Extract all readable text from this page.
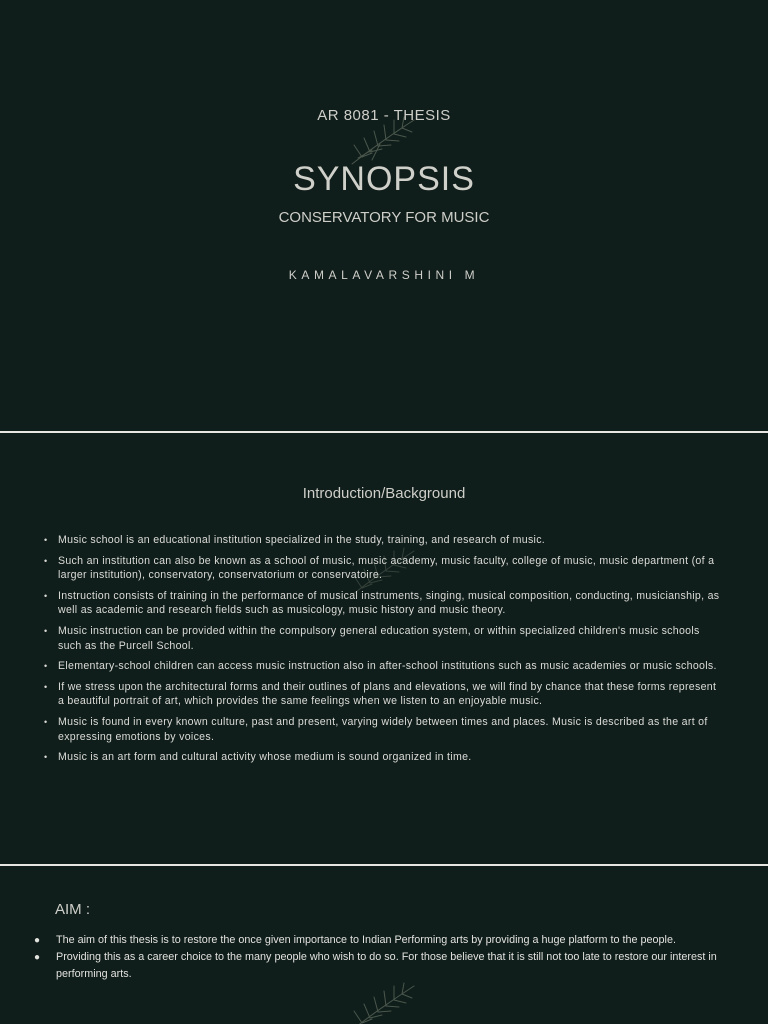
AR 8081 - THESIS
SYNOPSIS
CONSERVATORY FOR MUSIC
KAMALAVARSHINI M
Introduction/Background
• Music school is an educational institution specialized in the study, training, and research of music.
• Such an institution can also be known as a school of music, music academy, music faculty, college of music, music department (of a larger institution), conservatory, conservatorium or conservatoire.
• Instruction consists of training in the performance of musical instruments, singing, musical composition, conducting, musicianship, as well as academic and research fields such as musicology, music history and music theory.
• Music instruction can be provided within the compulsory general education system, or within specialized children's music schools such as the Purcell School.
• Elementary-school children can access music instruction also in after-school institutions such as music academies or music schools.
• If we stress upon the architectural forms and their outlines of plans and elevations, we will find by chance that these forms represent a beautiful portrait of art, which provides the same feelings when we listen to an enjoyable music.
• Music is found in every known culture, past and present, varying widely between times and places. Music is described as the art of expressing emotions by voices.
• Music is an art form and cultural activity whose medium is sound organized in time.
AIM :
● The aim of this thesis is to restore the once given importance to Indian Performing arts by providing a huge platform to the people.
● Providing this as a career choice to the many people who wish to do so. For those believe that it is still not too late to restore our interest in performing arts.
